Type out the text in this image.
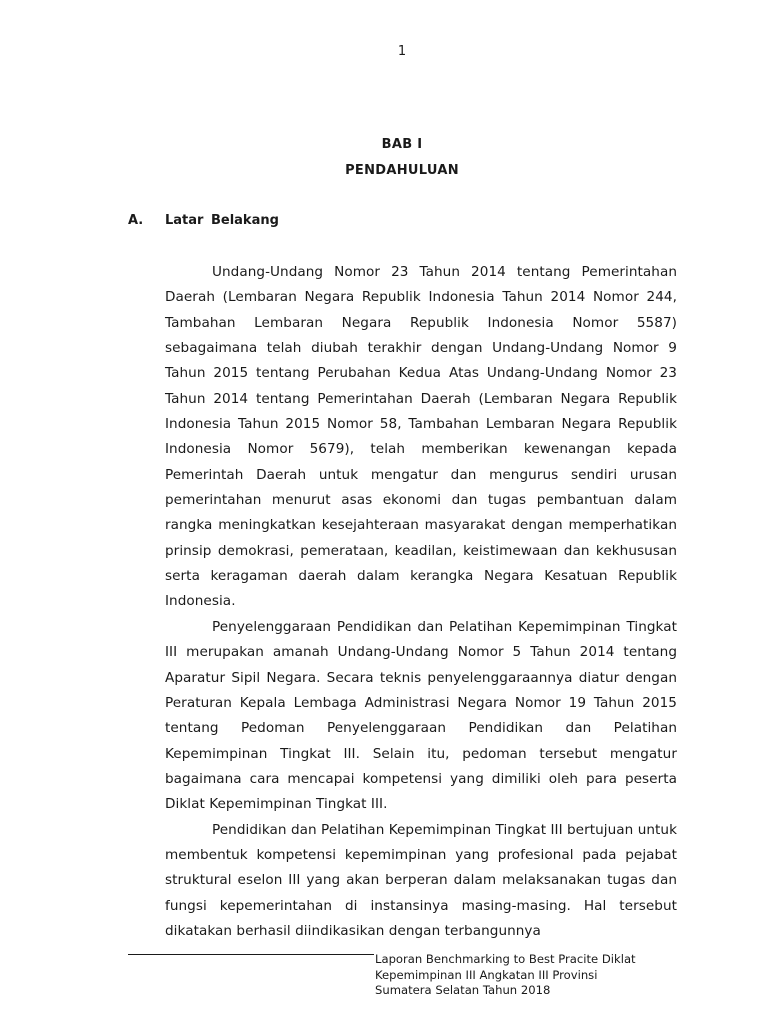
1
BAB I
PENDAHULUAN
A. Latar Belakang

Undang-Undang Nomor 23 Tahun 2014 tentang Pemerintahan Daerah (Lembaran Negara Republik Indonesia Tahun 2014 Nomor 244, Tambahan Lembaran Negara Republik Indonesia Nomor 5587) sebagaimana telah diubah terakhir dengan Undang-Undang Nomor 9 Tahun 2015 tentang Perubahan Kedua Atas Undang-Undang Nomor 23 Tahun 2014 tentang Pemerintahan Daerah (Lembaran Negara Republik Indonesia Tahun 2015 Nomor 58, Tambahan Lembaran Negara Republik Indonesia Nomor 5679), telah memberikan kewenangan kepada Pemerintah Daerah untuk mengatur dan mengurus sendiri urusan pemerintahan menurut asas ekonomi dan tugas pembantuan dalam rangka meningkatkan kesejahteraan masyarakat dengan memperhatikan prinsip demokrasi, pemerataan, keadilan, keistimewaan dan kekhususan serta keragaman daerah dalam kerangka Negara Kesatuan Republik Indonesia.

Penyelenggaraan Pendidikan dan Pelatihan Kepemimpinan Tingkat III merupakan amanah Undang-Undang Nomor 5 Tahun 2014 tentang Aparatur Sipil Negara. Secara teknis penyelenggaraannya diatur dengan Peraturan Kepala Lembaga Administrasi Negara Nomor 19 Tahun 2015 tentang Pedoman Penyelenggaraan Pendidikan dan Pelatihan Kepemimpinan Tingkat III. Selain itu, pedoman tersebut mengatur bagaimana cara mencapai kompetensi yang dimiliki oleh para peserta Diklat Kepemimpinan Tingkat III.

Pendidikan dan Pelatihan Kepemimpinan Tingkat III bertujuan untuk membentuk kompetensi kepemimpinan yang profesional pada pejabat struktural eselon III yang akan berperan dalam melaksanakan tugas dan fungsi kepemerintahan di instansinya masing-masing. Hal tersebut dikatakan berhasil diindikasikan dengan terbangunnya

Laporan Benchmarking to Best Pracite Diklat
Kepemimpinan III Angkatan III Provinsi
Sumatera Selatan Tahun 2018
